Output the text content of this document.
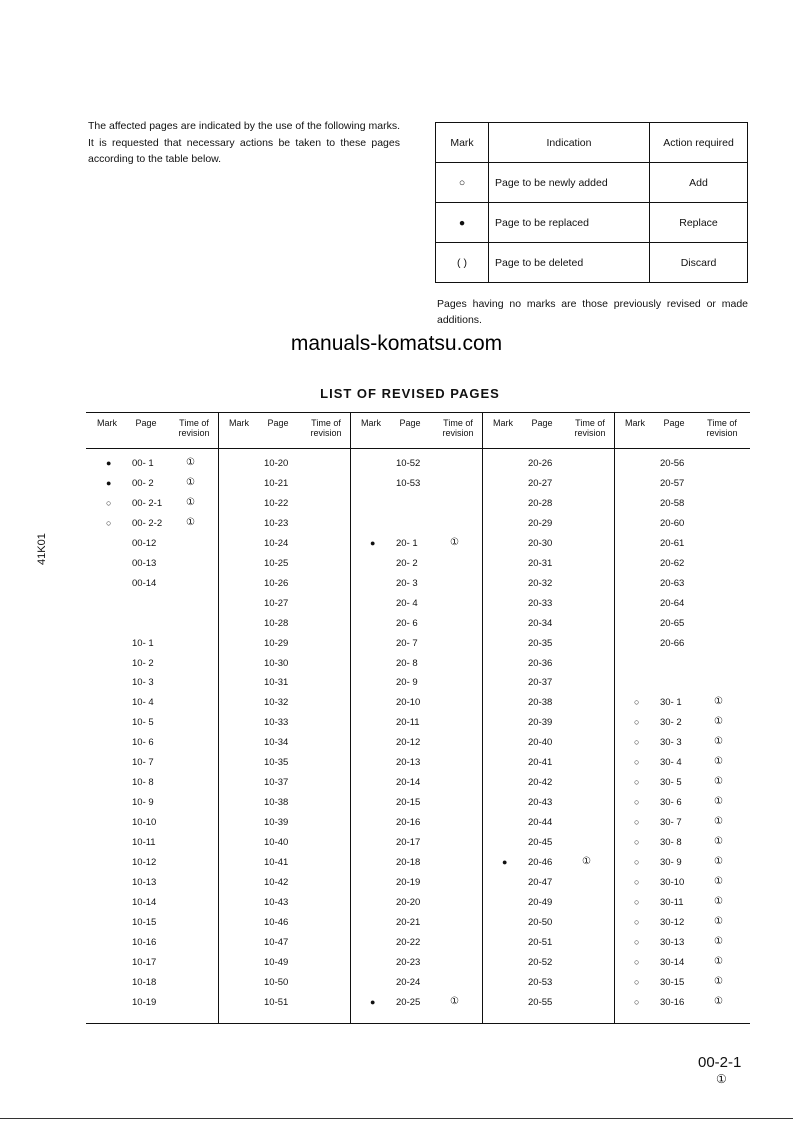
The affected pages are indicated by the use of the following marks. It is requested that necessary actions be taken to these pages according to the table below.
Mark	Indication	Action required
○	Page to be newly added	Add
●	Page to be replaced	Replace
( )	Page to be deleted	Discard
Pages having no marks are those previously revised or made additions.
manuals-komatsu.com
LIST OF REVISED PAGES
41K01
Mark	Page	Time of revision
● 00- 1	①
● 00- 2	①
○ 00- 2-1 ①
○ 00- 2-2 ①
00-12
00-13
00-14
10- 1
10- 2
10- 3
10- 4
10- 5
10- 6
10- 7
10- 8
10- 9
10-10
10-11
10-12
10-13
10-14
10-15
10-16
10-17
10-18
10-19
Mark	Page	Time of revision
10-20
10-21
10-22
10-23
10-24
10-25
10-26
10-27
10-28
10-29
10-30
10-31
10-32
10-33
10-34
10-35
10-37
10-38
10-39
10-40
10-41
10-42
10-43
10-46
10-47
10-49
10-50
10-51
Mark	Page	Time of revision
10-52
10-53
● 20- 1	①
20- 2
20- 3
20- 4
20- 6
20- 7
20- 8
20- 9
20-10
20-11
20-12
20-13
20-14
20-15
20-16
20-17
20-18
20-19
20-20
20-21
20-22
20-23
20-24
● 20-25	①
Mark	Page	Time of revision
20-26
20-27
20-28
20-29
20-30
20-31
20-32
20-33
20-34
20-35
20-36
20-37
20-38
20-39
20-40
20-41
20-42
20-43
20-44
20-45
● 20-46	①
20-47
20-49
20-50
20-51
20-52
20-53
20-55
Mark	Page	Time of revision
20-56
20-57
20-58
20-60
20-61
20-62
20-63
20-64
20-65
20-66
○ 30- 1	①
○ 30- 2	①
○ 30- 3	①
○ 30- 4	①
○ 30- 5	①
○ 30- 6	①
○ 30- 7	①
○ 30- 8	①
○ 30- 9	①
○ 30-10	①
○ 30-11	①
○ 30-12	①
○ 30-13	①
○ 30-14	①
○ 30-15	①
○ 30-16	①
00-2-1
①
